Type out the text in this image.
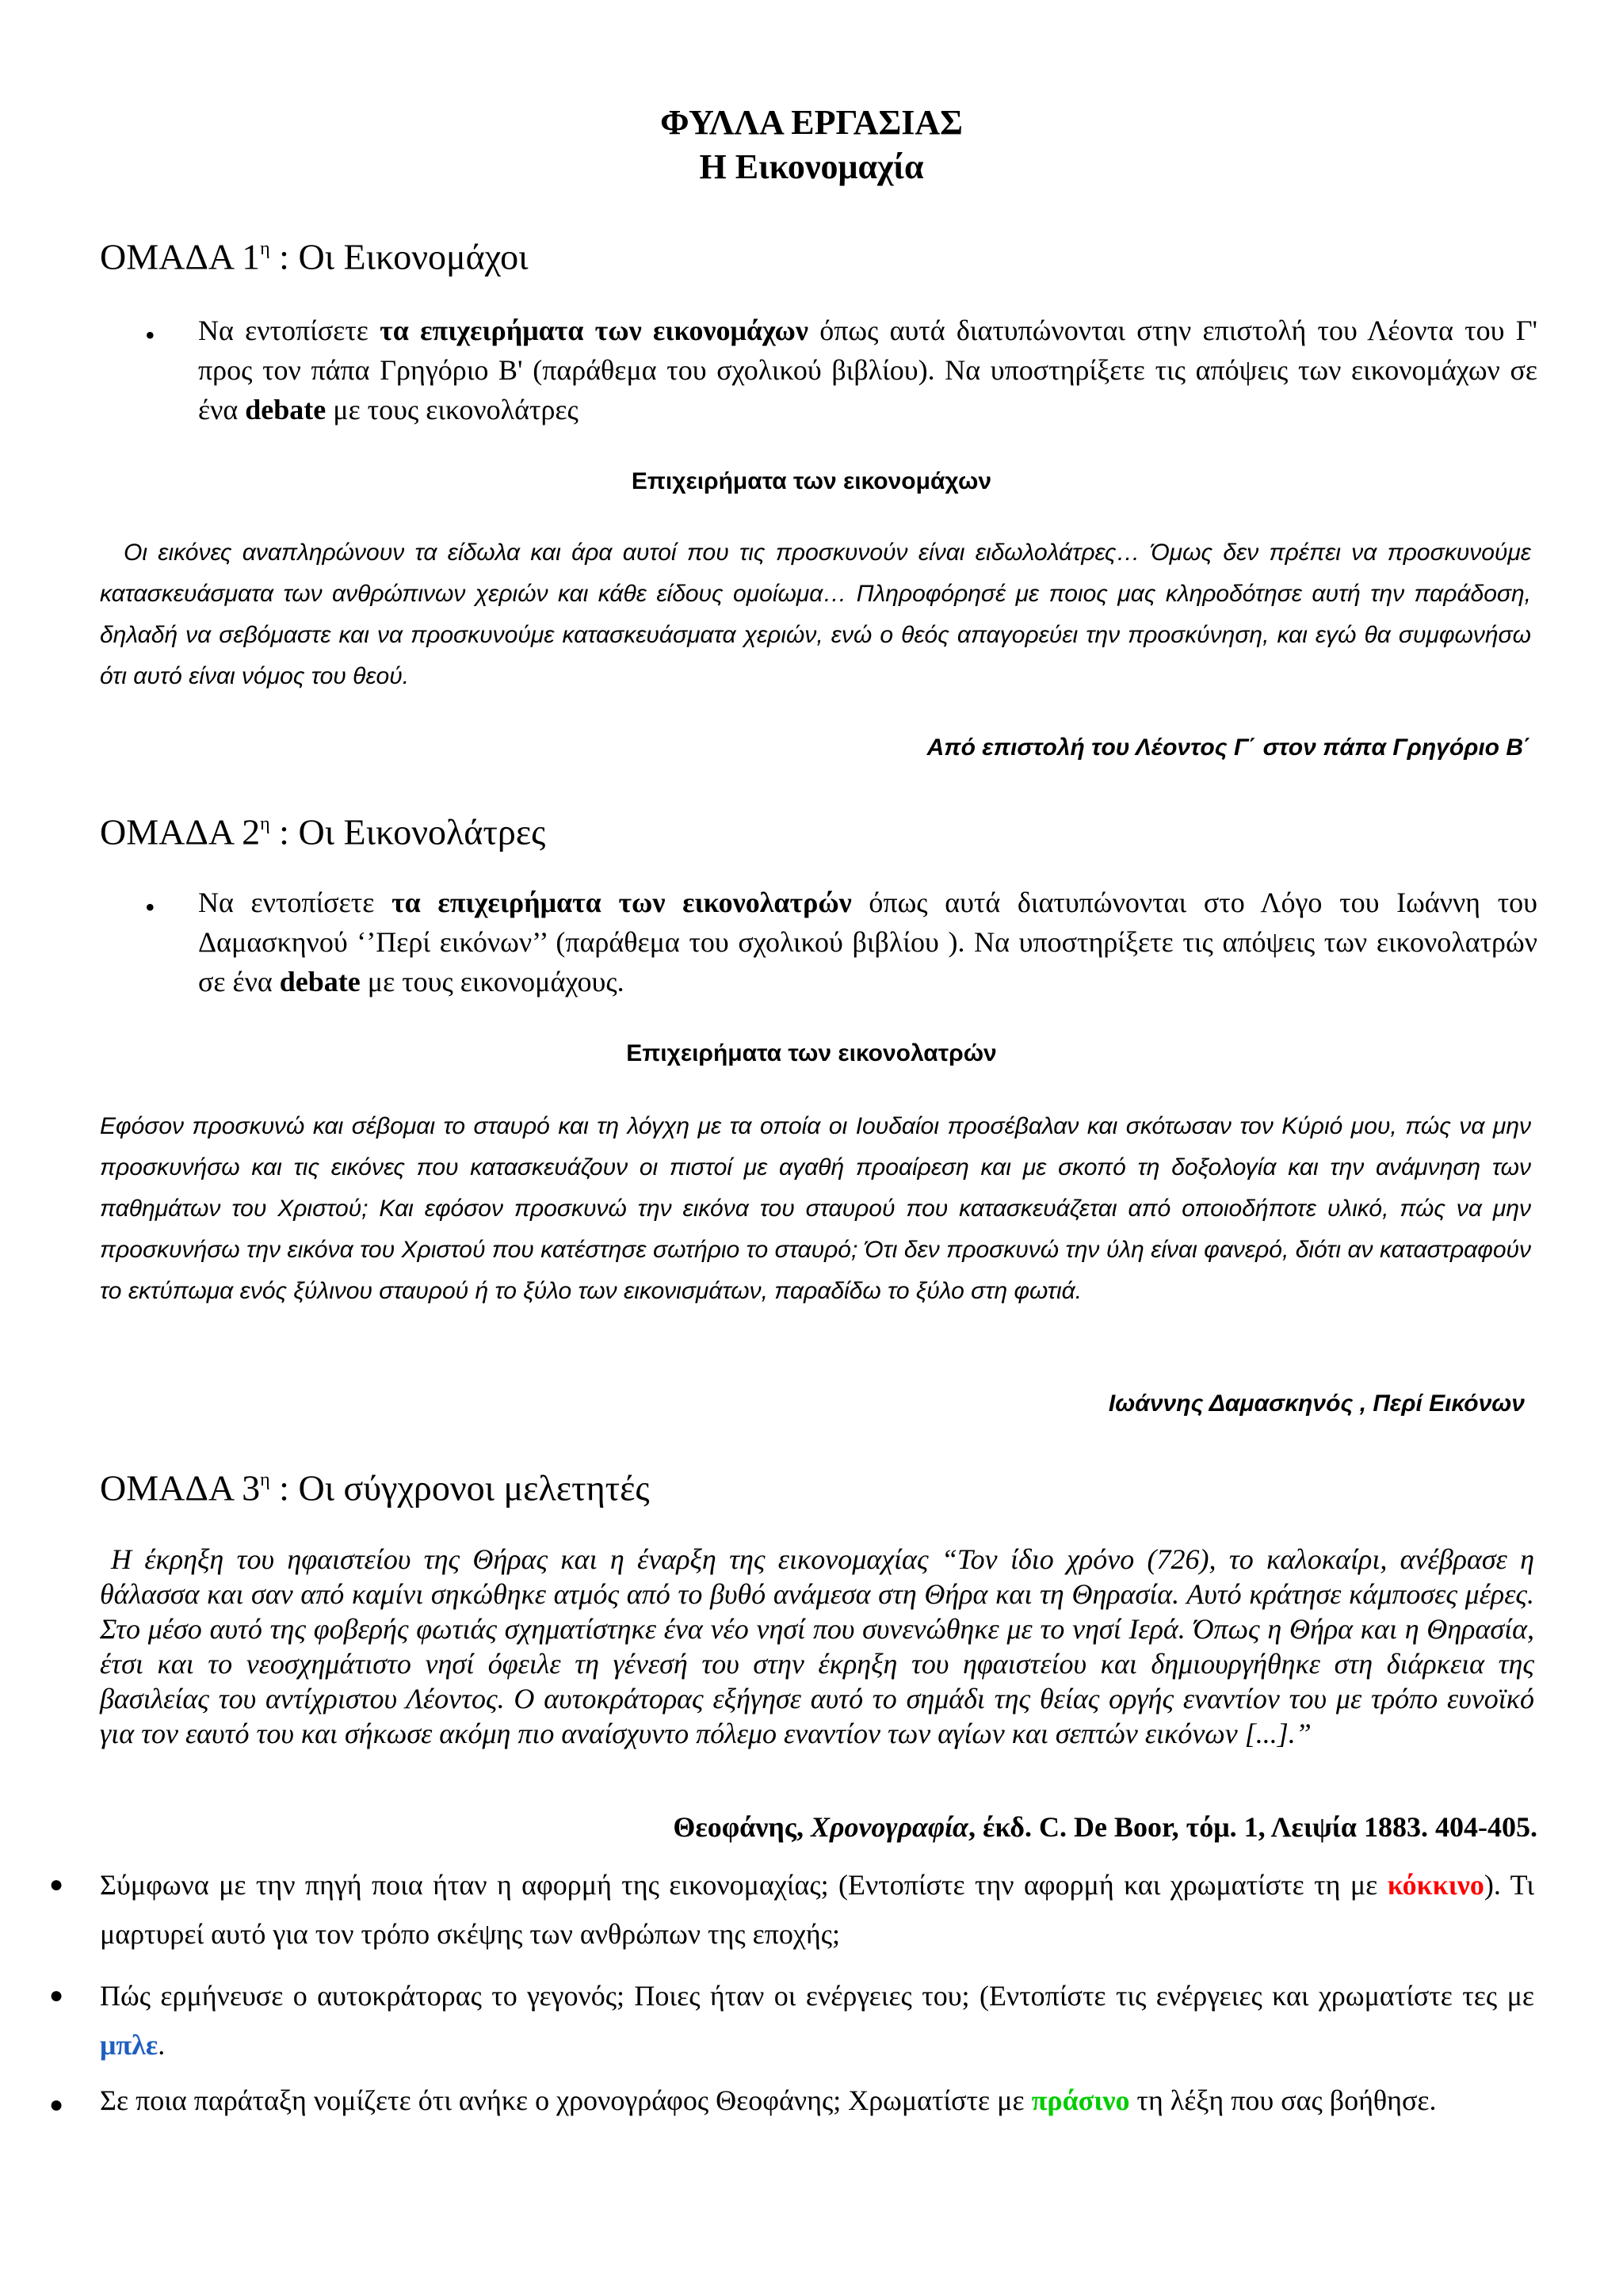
ΦΥΛΛΑ ΕΡΓΑΣΙΑΣ
Η Εικονομαχία
ΟΜΑΔΑ $1^\eta$ : Οι Εικονομάχοι
• Να εντοπίσετε τα επιχειρήματα των εικονομάχων όπως αυτά διατυπώνονται στην επιστολή του Λέοντα του Γ' προς τον πάπα Γρηγόριο Β' (παράθεμα του σχολικού βιβλίου). Να υποστηρίξετε τις απόψεις των εικονομάχων σε ένα debate με τους εικονολάτρες
Επιχειρήματα των εικονομάχων
Οι εικόνες αναπληρώνουν τα είδωλα και άρα αυτοί που τις προσκυνούν είναι ειδωλολάτρες… Όμως δεν πρέπει να προσκυνούμε κατασκευάσματα των ανθρώπινων χεριών και κάθε είδους ομοίωμα… Πληροφόρησέ με ποιος μας κληροδότησε αυτή την παράδοση, δηλαδή να σεβόμαστε και να προσκυνούμε κατασκευάσματα χεριών, ενώ ο θεός απαγορεύει την προσκύνηση, και εγώ θα συμφωνήσω ότι αυτό είναι νόμος του θεού.
Από επιστολή του Λέοντος Γ΄ στον πάπα Γρηγόριο Β΄
ΟΜΑΔΑ $2^\eta$ : Οι Εικονολάτρες
• Να εντοπίσετε τα επιχειρήματα των εικονολατρών όπως αυτά διατυπώνονται στο Λόγο του Ιωάννη του Δαμασκηνού ‘’Περί εικόνων’’ (παράθεμα του σχολικού βιβλίου ). Να υποστηρίξετε τις απόψεις των εικονολατρών σε ένα debate με τους εικονομάχους.
Επιχειρήματα των εικονολατρών
Εφόσον προσκυνώ και σέβομαι το σταυρό και τη λόγχη με τα οποία οι Ιουδαίοι προσέβαλαν και σκότωσαν τον Κύριό μου, πώς να μην προσκυνήσω και τις εικόνες που κατασκευάζουν οι πιστοί με αγαθή προαίρεση και με σκοπό τη δοξολογία και την ανάμνηση των παθημάτων του Χριστού; Και εφόσον προσκυνώ την εικόνα του σταυρού που κατασκευάζεται από οποιοδήποτε υλικό, πώς να μην προσκυνήσω την εικόνα του Χριστού που κατέστησε σωτήριο το σταυρό; Ότι δεν προσκυνώ την ύλη είναι φανερό, διότι αν καταστραφούν το εκτύπωμα ενός ξύλινου σταυρού ή το ξύλο των εικονισμάτων, παραδίδω το ξύλο στη φωτιά.
Ιωάννης Δαμασκηνός , Περί Εικόνων
ΟΜΑΔΑ $3^\eta$ : Οι σύγχρονοι μελετητές
Η έκρηξη του ηφαιστείου της Θήρας και η έναρξη της εικονομαχίας “Τον ίδιο χρόνο (726), το καλοκαίρι, ανέβρασε η θάλασσα και σαν από καμίνι σηκώθηκε ατμός από το βυθό ανάμεσα στη Θήρα και τη Θηρασία. Αυτό κράτησε κάμποσες μέρες. Στο μέσο αυτό της φοβερής φωτιάς σχηματίστηκε ένα νέο νησί που συνενώθηκε με το νησί Ιερά. Όπως η Θήρα και η Θηρασία, έτσι και το νεοσχημάτιστο νησί όφειλε τη γένεσή του στην έκρηξη του ηφαιστείου και δημιουργήθηκε στη διάρκεια της βασιλείας του αντίχριστου Λέοντος. Ο αυτοκράτορας εξήγησε αυτό το σημάδι της θείας οργής εναντίον του με τρόπο ευνοϊκό για τον εαυτό του και σήκωσε ακόμη πιο αναίσχυντο πόλεμο εναντίον των αγίων και σεπτών εικόνων [...].”
Θεοφάνης, Χρονογραφία, έκδ. C. De Boor, τόμ. 1, Λειψία 1883. 404-405.
● Σύμφωνα με την πηγή ποια ήταν η αφορμή της εικονομαχίας; (Εντοπίστε την αφορμή και χρωματίστε τη με κόκκινο). Τι μαρτυρεί αυτό για τον τρόπο σκέψης των ανθρώπων της εποχής;
● Πώς ερμήνευσε ο αυτοκράτορας το γεγονός; Ποιες ήταν οι ενέργειες του; (Εντοπίστε τις ενέργειες και χρωματίστε τες με μπλε.
● Σε ποια παράταξη νομίζετε ότι ανήκε ο χρονογράφος Θεοφάνης; Χρωματίστε με πράσινο τη λέξη που σας βοήθησε.
